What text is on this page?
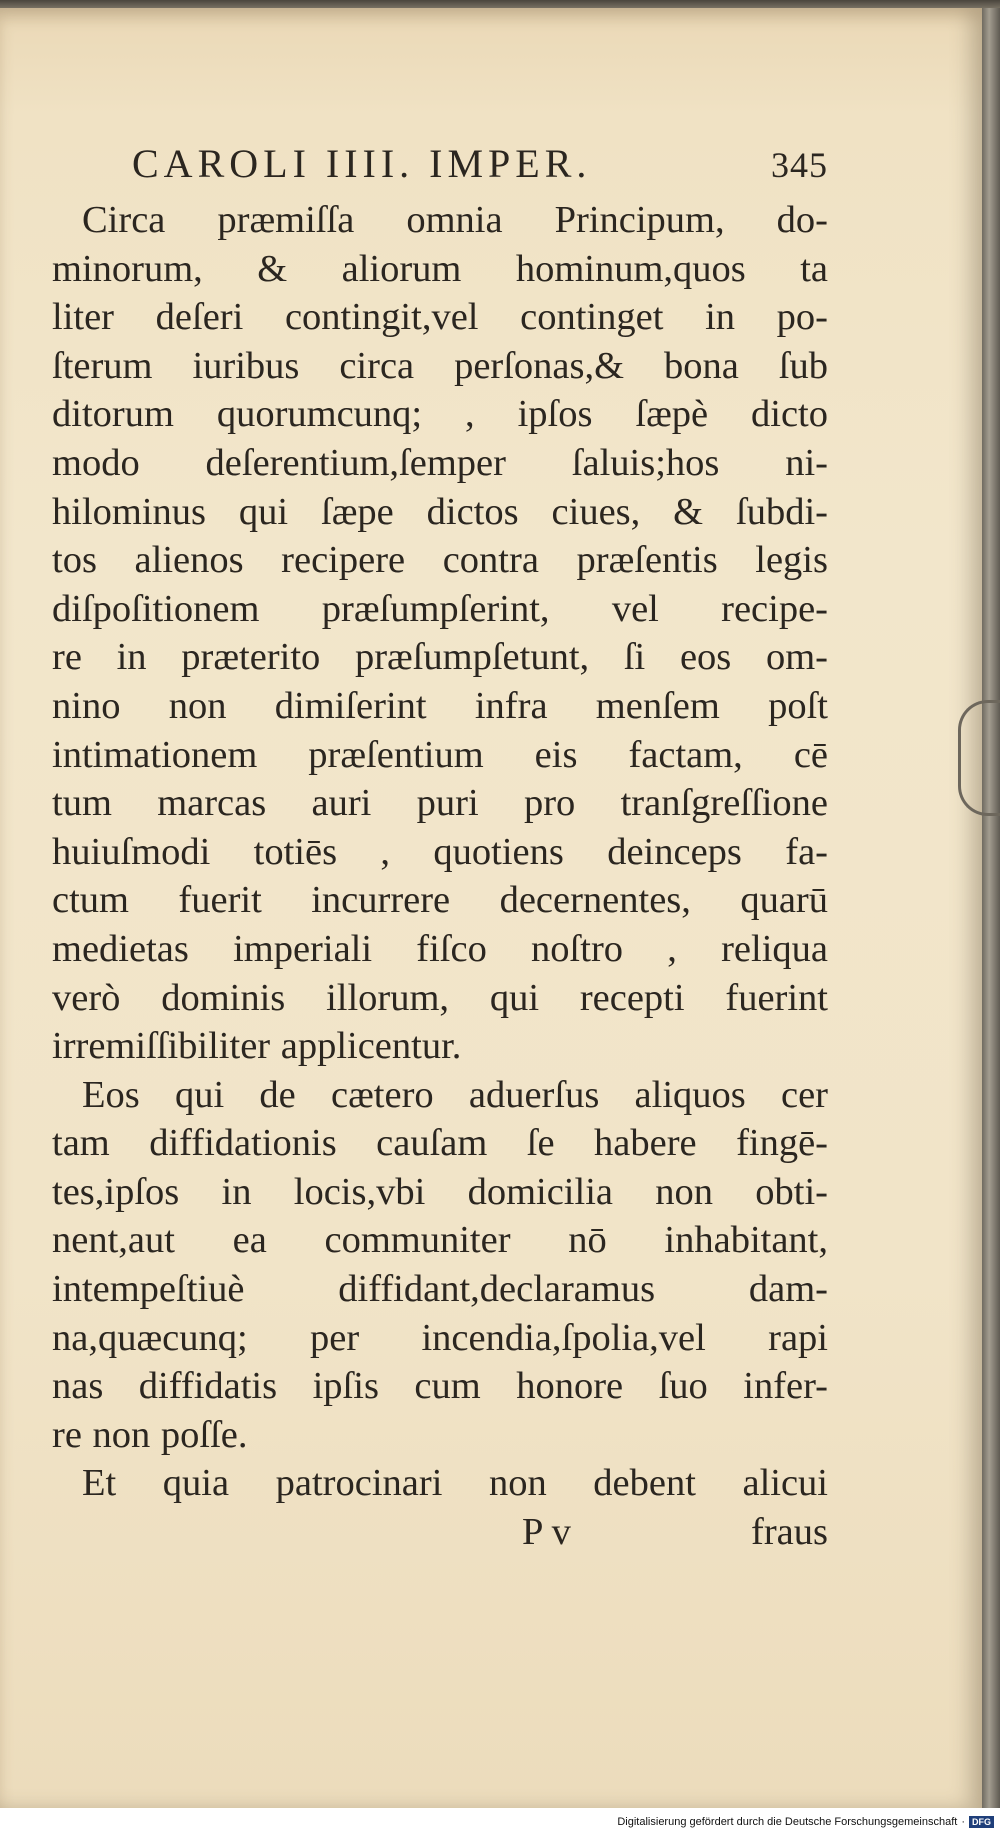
CAROLI IIII. IMPER.	345
Circa præmiſſa omnia Principum, do-
minorum, & aliorum hominum,quos ta
liter deſeri contingit,vel continget in po-
ſterum iuribus circa perſonas,& bona ſub
ditorum quorumcunq; , ipſos ſæpè dicto
modo deſerentium,ſemper ſaluis;hos ni-
hilominus qui ſæpe dictos ciues, & ſubdi-
tos alienos recipere contra præſentis legis
diſpoſitionem præſumpſerint, vel recipe-
re in præterito præſumpſetunt, ſi eos om-
nino non dimiſerint infra menſem poſt
intimationem præſentium eis factam, cē
tum marcas auri puri pro tranſgreſſione
huiuſmodi totiēs , quotiens deinceps fa-
ctum fuerit incurrere decernentes, quarū
medietas imperiali fiſco noſtro , reliqua
verò dominis illorum, qui recepti fuerint
irremiſſibiliter applicentur.
Eos qui de cætero aduerſus aliquos cer
tam diffidationis cauſam ſe habere fingē-
tes,ipſos in locis,vbi domicilia non obti-
nent,aut ea communiter nō inhabitant,
intempeſtiuè diffidant,declaramus dam-
na,quæcunq; per incendia,ſpolia,vel rapi
nas diffidatis ipſis cum honore ſuo infer-
re non poſſe.
Et quia patrocinari non debent alicui
P v	fraus
Digitalisierung gefördert durch die Deutsche Forschungsgemeinschaft · DFG
